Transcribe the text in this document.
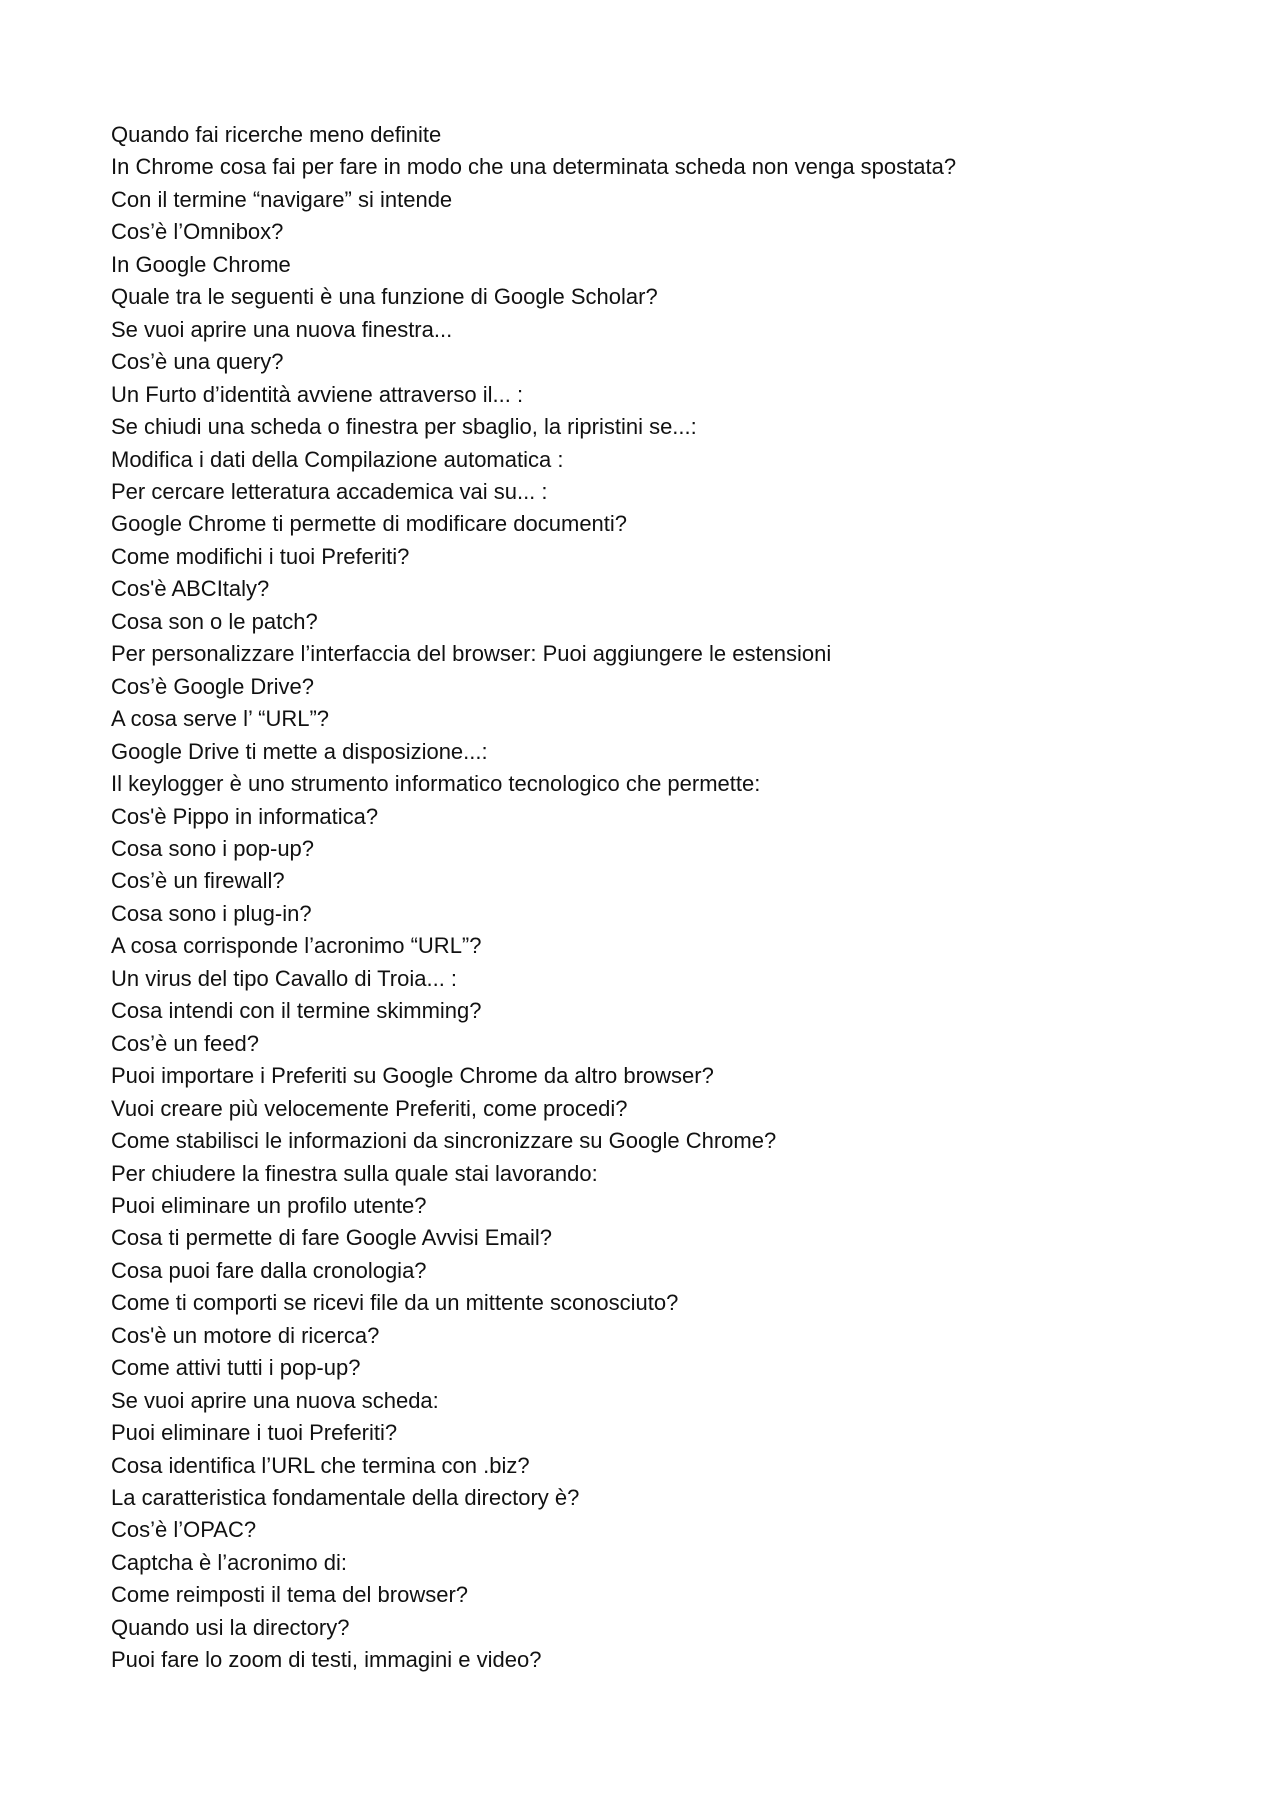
Quando fai ricerche meno definite
In Chrome cosa fai per fare in modo che una determinata scheda non venga spostata?
Con il termine “navigare” si intende
Cos’è l’Omnibox?
In Google Chrome
Quale tra le seguenti è una funzione di Google Scholar?
Se vuoi aprire una nuova finestra...
Cos’è una query?
Un Furto d’identità avviene attraverso il... :
Se chiudi una scheda o finestra per sbaglio, la ripristini se...:
Modifica i dati della Compilazione automatica :
Per cercare letteratura accademica vai su... :
Google Chrome ti permette di modificare documenti?
Come modifichi i tuoi Preferiti?
Cos'è ABCItaly?
Cosa son o le patch?
Per personalizzare l’interfaccia del browser: Puoi aggiungere le estensioni
Cos’è Google Drive?
A cosa serve l’ “URL”?
Google Drive ti mette a disposizione...:
Il keylogger è uno strumento informatico tecnologico che permette:
Cos'è Pippo in informatica?
Cosa sono i pop-up?
Cos’è un firewall?
Cosa sono i plug-in?
A cosa corrisponde l’acronimo “URL”?
Un virus del tipo Cavallo di Troia... :
Cosa intendi con il termine skimming?
Cos’è un feed?
Puoi importare i Preferiti su Google Chrome da altro browser?
Vuoi creare più velocemente Preferiti, come procedi?
Come stabilisci le informazioni da sincronizzare su Google Chrome?
Per chiudere la finestra sulla quale stai lavorando:
Puoi eliminare un profilo utente?
Cosa ti permette di fare Google Avvisi Email?
Cosa puoi fare dalla cronologia?
Come ti comporti se ricevi file da un mittente sconosciuto?
Cos'è un motore di ricerca?
Come attivi tutti i pop-up?
Se vuoi aprire una nuova scheda:
Puoi eliminare i tuoi Preferiti?
Cosa identifica l’URL che termina con .biz?
La caratteristica fondamentale della directory è?
Cos’è l’OPAC?
Captcha è l’acronimo di:
Come reimposti il tema del browser?
Quando usi la directory?
Puoi fare lo zoom di testi, immagini e video?
